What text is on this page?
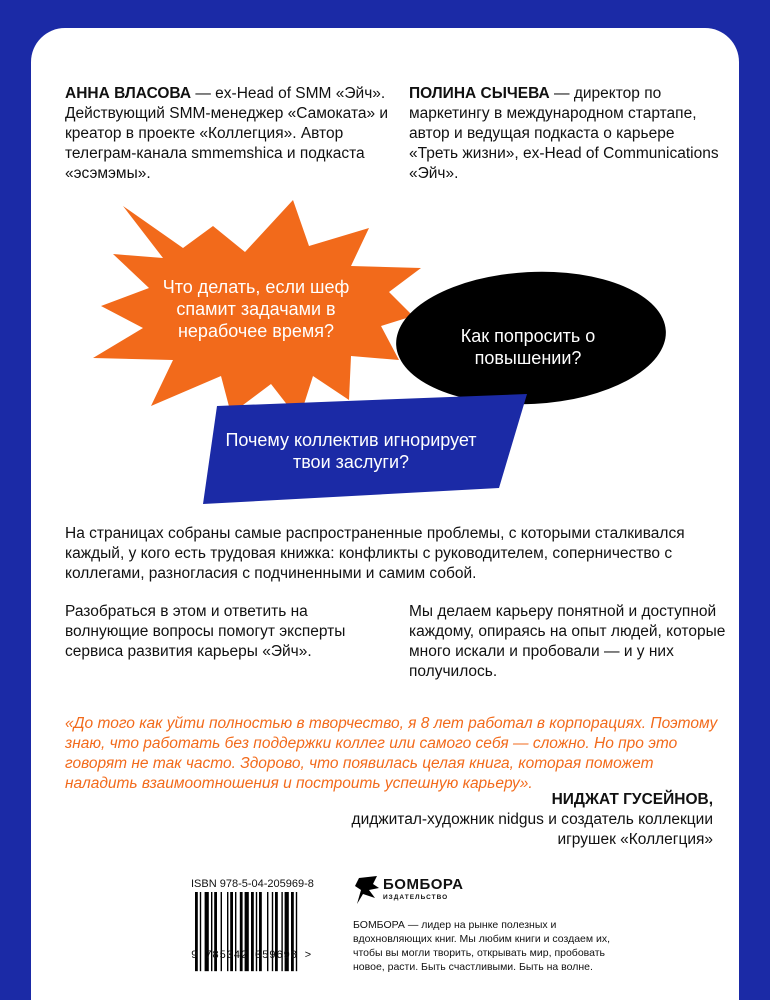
АННА ВЛАСОВА — ex-Head of SMM «Эйч». Действующий SMM-менеджер «Самоката» и креатор в проекте «Коллегция». Автор телеграм-канала smmemshica и подкаста «эсэмэмы».
ПОЛИНА СЫЧЕВА — директор по маркетингу в международном стартапе, автор и ведущая подкаста о карьере «Треть жизни», ex-Head of Communications «Эйч».
Что делать, если шеф спамит задачами в нерабочее время?	Как попросить о повышении?
Почему коллектив игнорирует твои заслуги?
На страницах собраны самые распространенные проблемы, с которыми сталкивался каждый, у кого есть трудовая книжка: конфликты с руководителем, соперничество с коллегами, разногласия с подчиненными и самим собой.
Разобраться в этом и ответить на волнующие вопросы помогут эксперты сервиса развития карьеры «Эйч».
Мы делаем карьеру понятной и доступной каждому, опираясь на опыт людей, которые много искали и пробовали — и у них получилось.
«До того как уйти полностью в творчество, я 8 лет работал в корпорациях. Поэтому знаю, что работать без поддержки коллег или самого себя — сложно. Но про это говорят не так часто. Здорово, что появилась целая книга, которая поможет наладить взаимоотношения и построить успешную карьеру».
НИДЖАТ ГУСЕЙНОВ,
диджитал-художник nidgus и создатель коллекции игрушек «Коллегция»
ISBN 978-5-04-205969-8
9 785042 059698 >
БОМБОРА
ИЗДАТЕЛЬСТВО
БОМБОРА — лидер на рынке полезных и вдохновляющих книг. Мы любим книги и создаем их, чтобы вы могли творить, открывать мир, пробовать новое, расти. Быть счастливыми. Быть на волне.
